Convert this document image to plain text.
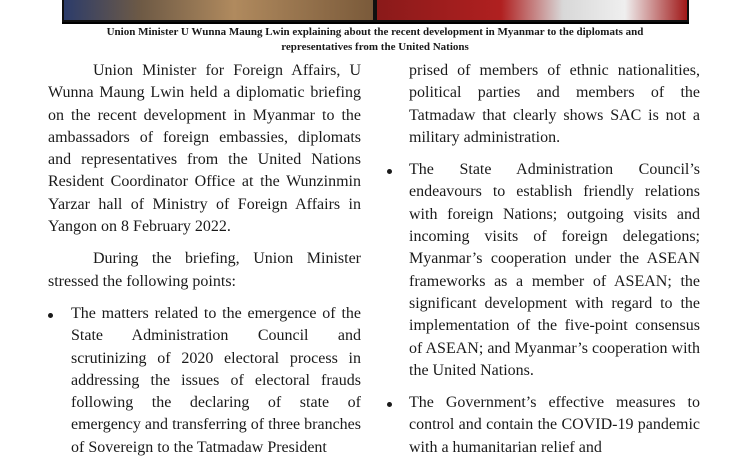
Union Minister U Wunna Maung Lwin explaining about the recent development in Myanmar to the diplomats and
representatives from the United Nations

Union Minister for Foreign Affairs, U Wunna Maung Lwin held a diplomatic briefing on the recent development in Myanmar to the ambassadors of foreign embassies, diplomats and representatives from the United Nations Resident Coordinator Office at the Wunzinmin Yarzar hall of Ministry of Foreign Affairs in Yangon on 8 February 2022.

During the briefing, Union Minister stressed the following points:

The matters related to the emergence of the State Administration Council and scrutinizing of 2020 electoral process in addressing the issues of electoral frauds following the declaring of state of emergency and transferring of three branches of Sovereign to the Tatmadaw President

prised of members of ethnic nationalities, political parties and members of the Tatmadaw that clearly shows SAC is not a military administration.

The State Administration Council’s endeavours to establish friendly relations with foreign Nations; outgoing visits and incoming visits of foreign delegations; Myanmar’s cooperation under the ASEAN frameworks as a member of ASEAN; the significant development with regard to the implementation of the five-point consensus of ASEAN; and Myanmar’s cooperation with the United Nations.
The Government’s effective measures to control and contain the COVID-19 pandemic with a humanitarian relief and
